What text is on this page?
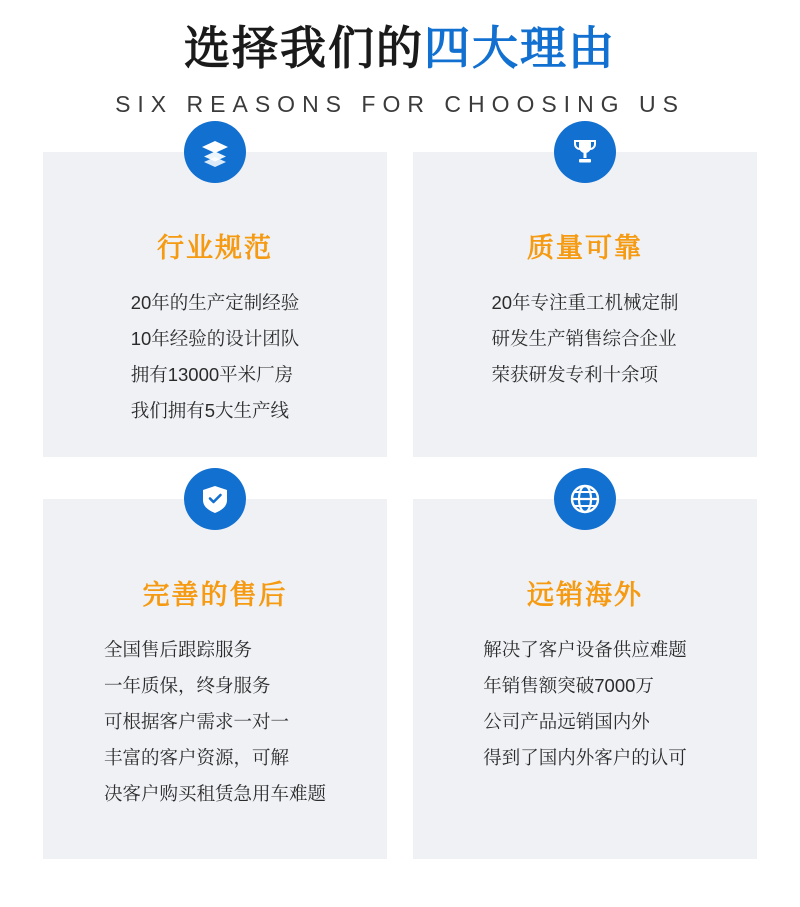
选择我们的四大理由
SIX REASONS FOR CHOOSING US
行业规范
20年的生产定制经验
10年经验的设计团队
拥有13000平米厂房
我们拥有5大生产线
质量可靠
20年专注重工机械定制
研发生产销售综合企业
荣获研发专利十余项
完善的售后
全国售后跟踪服务
一年质保，终身服务
可根据客户需求一对一
丰富的客户资源，可解
决客户购买租赁急用车难题
远销海外
解决了客户设备供应难题
年销售额突破7000万
公司产品远销国内外
得到了国内外客户的认可
